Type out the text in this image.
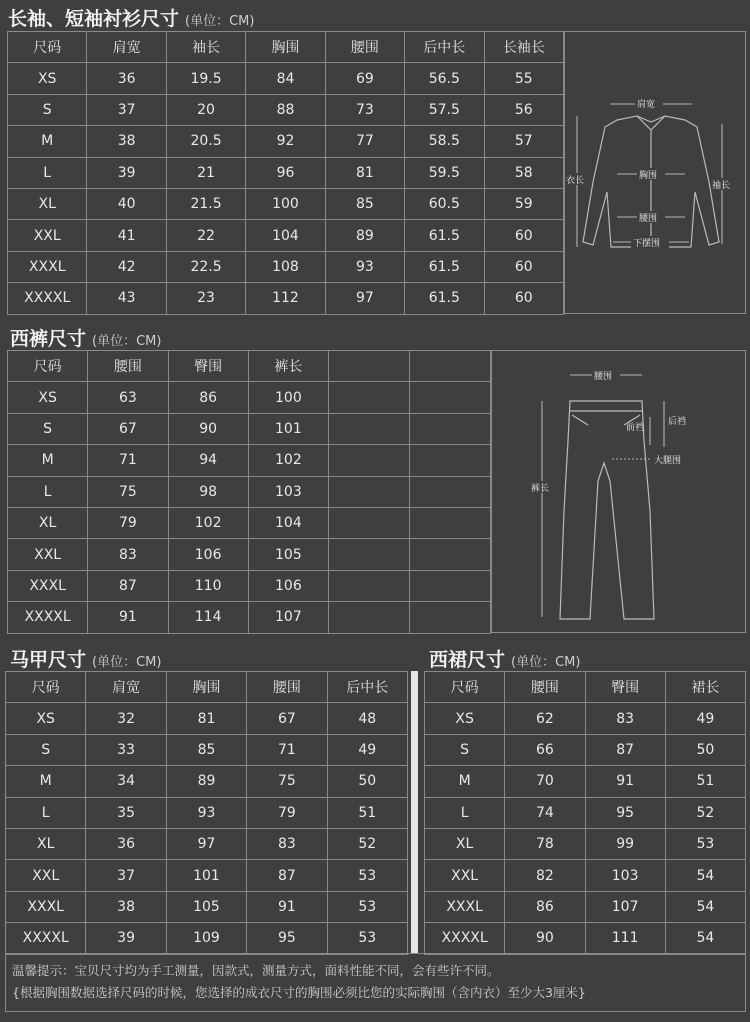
长袖、短袖衬衫尺寸 (单位：CM)
尺码	肩宽	袖长	胸围	腰围	后中长	长袖长
XS	36	19.5	84	69	56.5	55
S	37	20	88	73	57.5	56
M	38	20.5	92	77	58.5	57
L	39	21	96	81	59.5	58
XL	40	21.5	100	85	60.5	59
XXL	41	22	104	89	61.5	60
XXXL	42	22.5	108	93	61.5	60
XXXXL	43	23	112	97	61.5	60
肩宽
衣长	胸围
腰围
下摆围
袖长
西裤尺寸 (单位：CM)
尺码	腰围	臀围	裤长		
XS	63	86	100		
S	67	90	101		
M	71	94	102		
L	75	98	103		
XL	79	102	104		
XXL	83	106	105		
XXXL	87	110	106		
XXXXL	91	114	107		
腰围
前裆
后裆
大腿围
裤长
马甲尺寸 (单位：CM)
尺码	肩宽	胸围	腰围	后中长
XS	32	81	67	48
S	33	85	71	49
M	34	89	75	50
L	35	93	79	51
XL	36	97	83	52
XXL	37	101	87	53
XXXL	38	105	91	53
XXXXL	39	109	95	53
西裙尺寸 (单位：CM)
尺码	腰围	臀围	裙长
XS	62	83	49
S	66	87	50
M	70	91	51
L	74	95	52
XL	78	99	53
XXL	82	103	54
XXXL	86	107	54
XXXXL	90	111	54
温馨提示：宝贝尺寸均为手工测量，因款式，测量方式，面料性能不同，会有些许不同。
{根据胸围数据选择尺码的时候，您选择的成衣尺寸的胸围必须比您的实际胸围（含内衣）至少大3厘米}
